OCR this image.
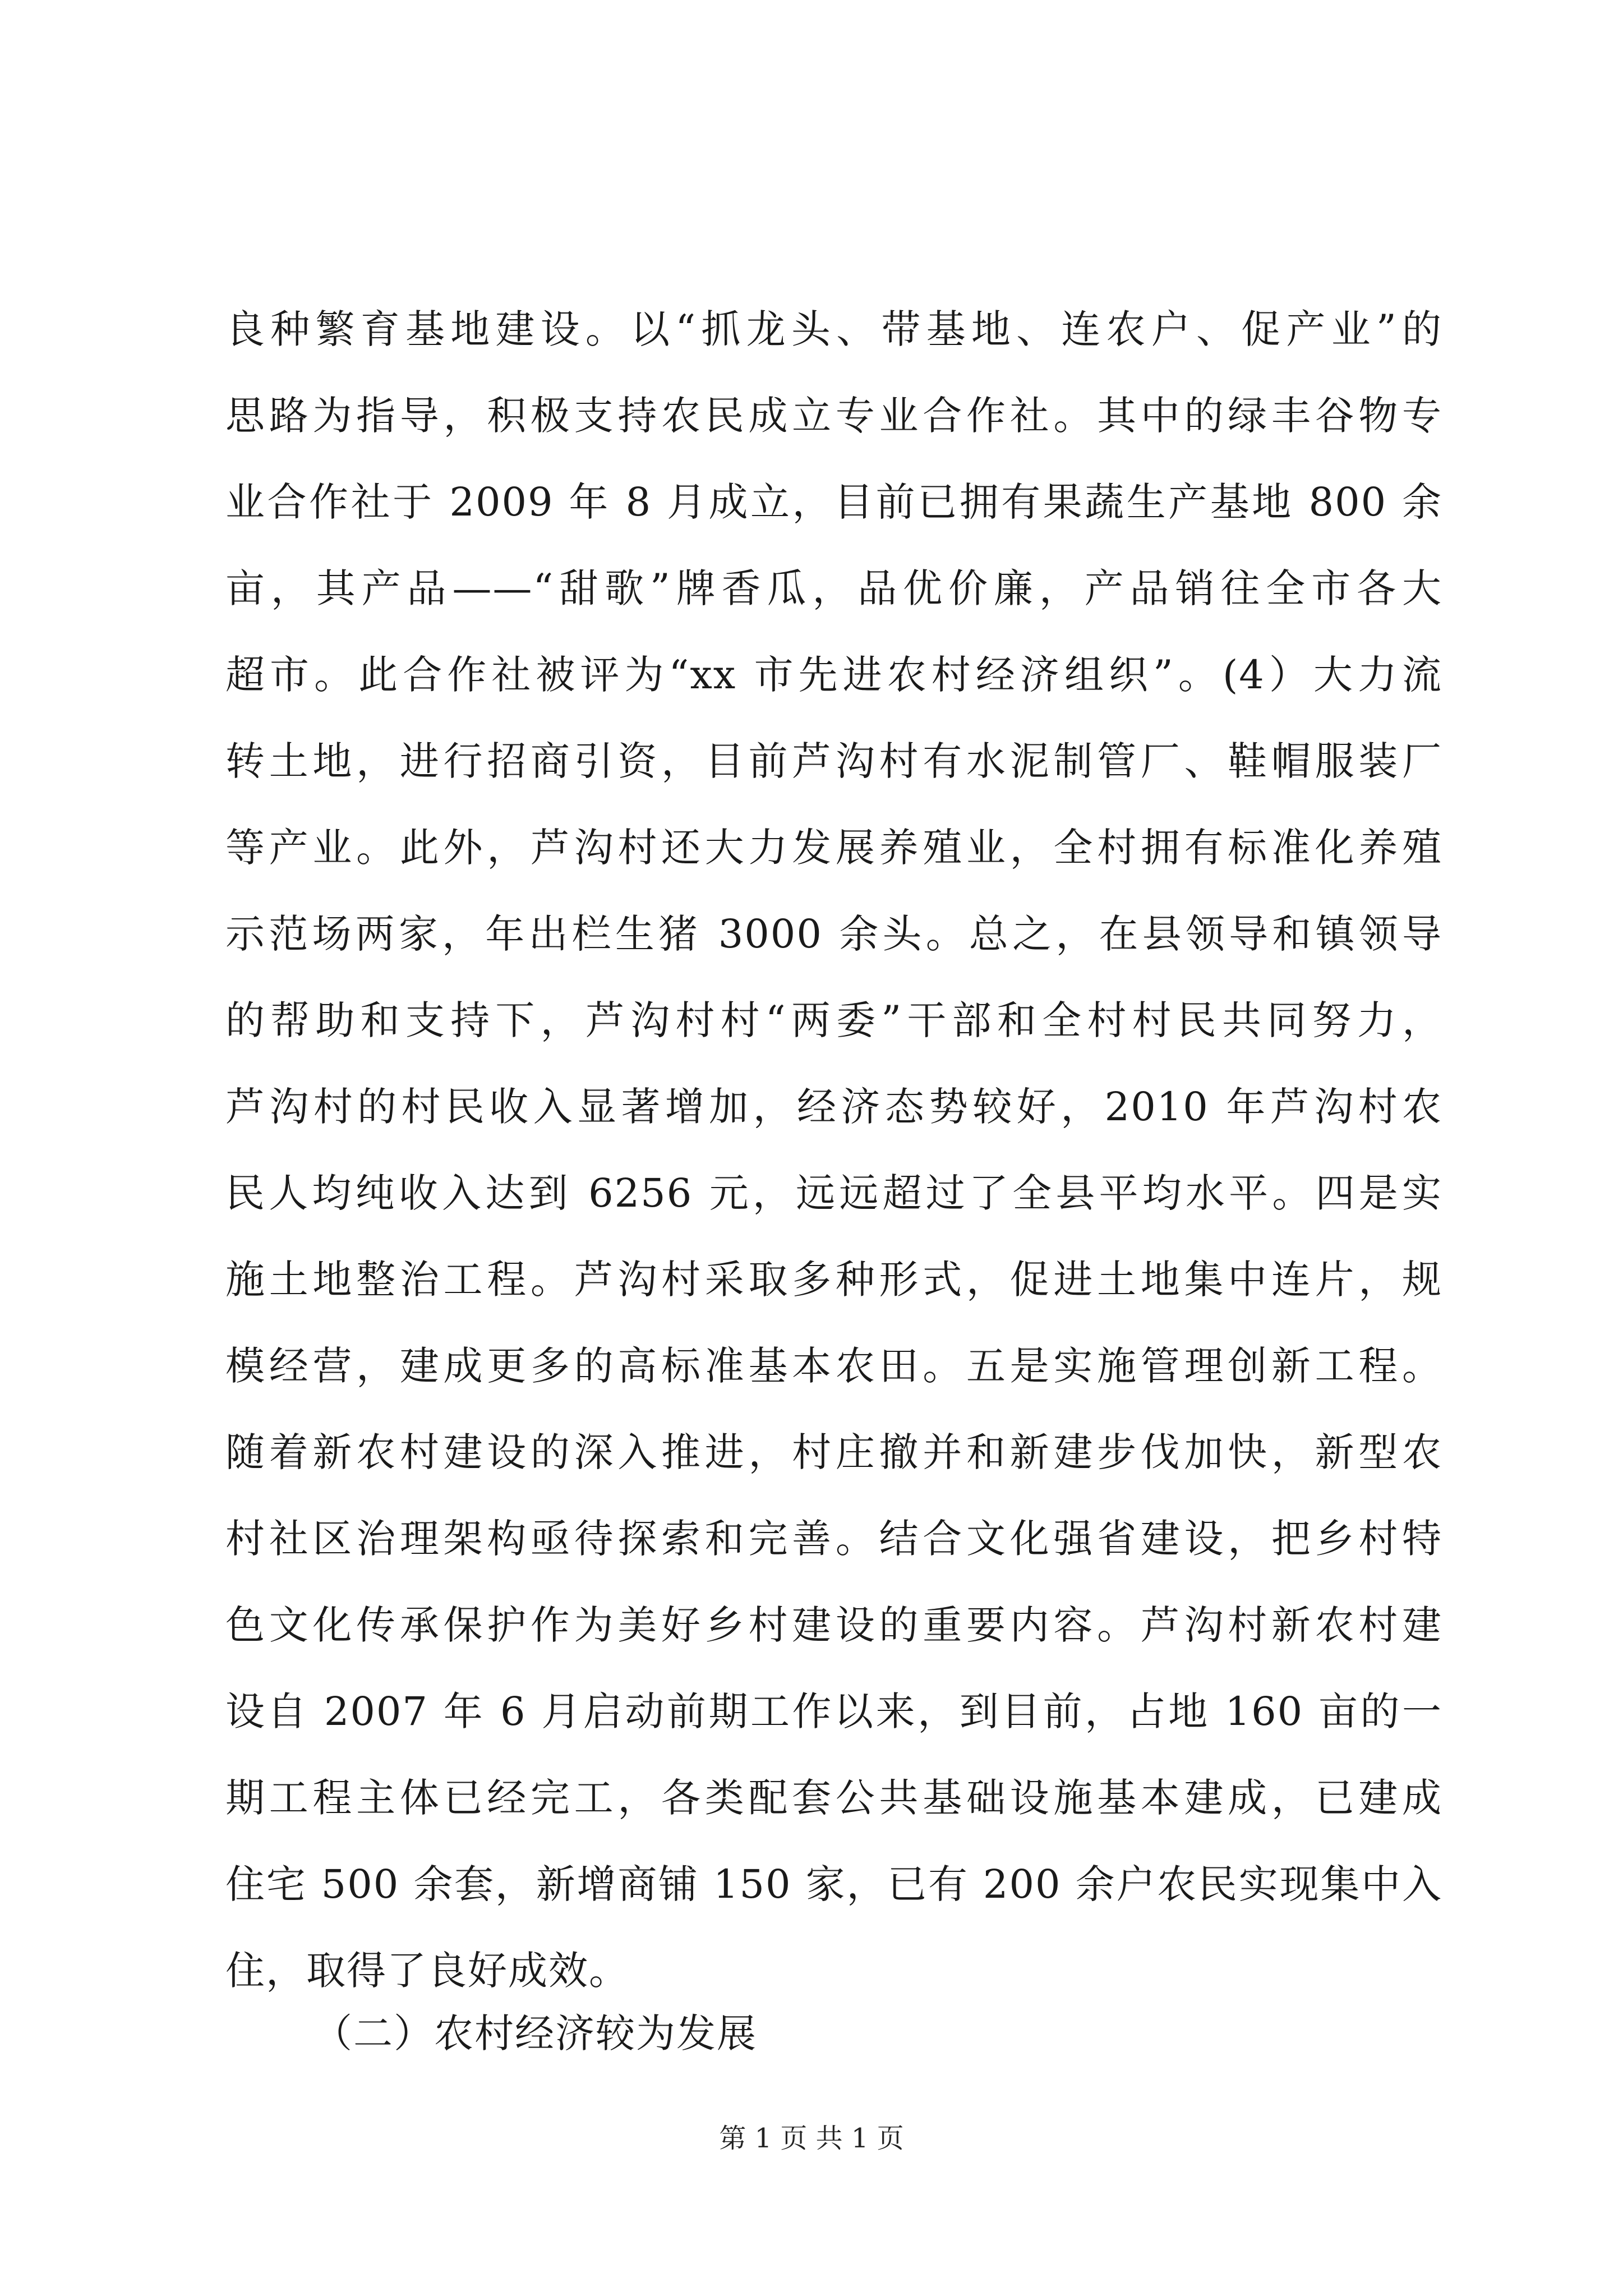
良种繁育基地建设。以“抓龙头、带基地、连农户、促产业”的
思路为指导，积极支持农民成立专业合作社。其中的绿丰谷物专
业合作社于 2009 年 8 月成立，目前已拥有果蔬生产基地 800 余
亩，其产品——“甜歌”牌香瓜，品优价廉，产品销往全市各大
超市。此合作社被评为“xx 市先进农村经济组织”。(4）大力流
转土地，进行招商引资，目前芦沟村有水泥制管厂、鞋帽服装厂
等产业。此外，芦沟村还大力发展养殖业，全村拥有标准化养殖
示范场两家，年出栏生猪 3000 余头。总之，在县领导和镇领导
的帮助和支持下，芦沟村村“两委”干部和全村村民共同努力，
芦沟村的村民收入显著增加，经济态势较好，2010 年芦沟村农
民人均纯收入达到 6256 元，远远超过了全县平均水平。四是实
施土地整治工程。芦沟村采取多种形式，促进土地集中连片，规
模经营，建成更多的高标准基本农田。五是实施管理创新工程。
随着新农村建设的深入推进，村庄撤并和新建步伐加快，新型农
村社区治理架构亟待探索和完善。结合文化强省建设，把乡村特
色文化传承保护作为美好乡村建设的重要内容。芦沟村新农村建
设自 2007 年 6 月启动前期工作以来，到目前，占地 160 亩的一
期工程主体已经完工，各类配套公共基础设施基本建成，已建成
住宅 500 余套，新增商铺 150 家，已有 200 余户农民实现集中入
住，取得了良好成效。
（二）农村经济较为发展
第 1 页 共 1 页
